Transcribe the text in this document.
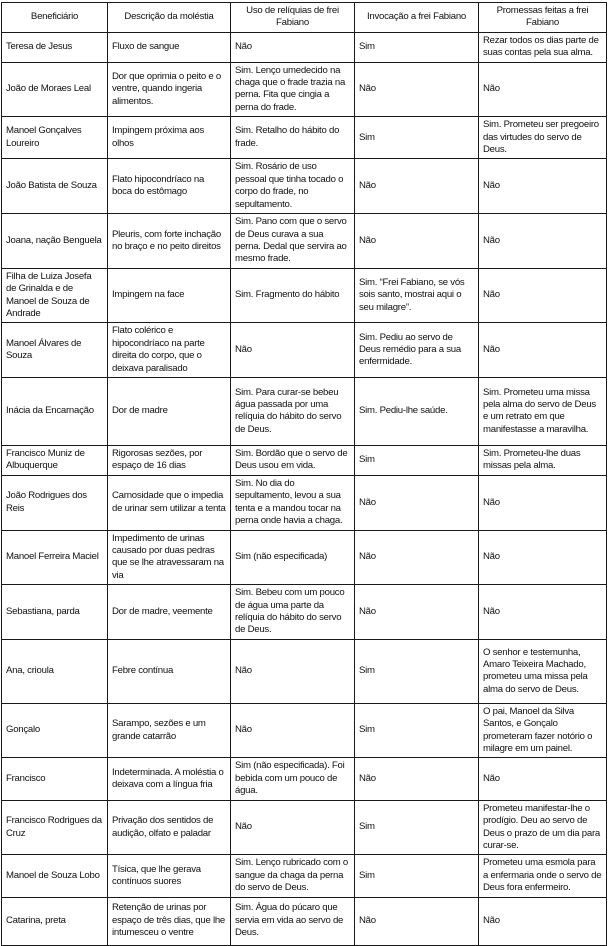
Beneficiário	Descrição da moléstia	Uso de relíquias de frei Fabiano	Invocação a frei Fabiano	Promessas feitas a frei Fabiano
Teresa de Jesus	Fluxo de sangue	Não	Sim	Rezar todos os dias parte de suas contas pela sua alma.
João de Moraes Leal	Dor que oprimia o peito e o ventre, quando ingeria alimentos.	Sim. Lenço umedecido na chaga que o frade trazia na perna. Fita que cingia a perna do frade.	Não	Não
Manoel Gonçalves Loureiro	Impingem próxima aos olhos	Sim. Retalho do hábito do frade.	Sim	Sim. Prometeu ser pregoeiro das virtudes do servo de Deus.
João Batista de Souza	Flato hipocondríaco na boca do estômago	Sim. Rosário de uso pessoal que tinha tocado o corpo do frade, no sepultamento.	Não	Não
Joana, nação Benguela	Pleuris, com forte inchação no braço e no peito direitos	Sim. Pano com que o servo de Deus curava a sua perna. Dedal que servira ao mesmo frade.	Não	Não
Filha de Luiza Josefa de Grinalda e de Manoel de Souza de Andrade	Impingem na face	Sim. Fragmento do hábito	Sim. “Frei Fabiano, se vós sois santo, mostrai aqui o seu milagre”.	Não
Manoel Álvares de Souza	Flato colérico e hipocondríaco na parte direita do corpo, que o deixava paralisado	Não	Sim. Pediu ao servo de Deus remédio para a sua enfermidade.	Não
Inácia da Encarnação	Dor de madre	Sim. Para curar-se bebeu água passada por uma relíquia do hábito do servo de Deus.	Sim. Pediu-lhe saúde.	Sim. Prometeu uma missa pela alma do servo de Deus e um retrato em que manifestasse a maravilha.
Francisco Muniz de Albuquerque	Rigorosas sezões, por espaço de 16 dias	Sim. Bordão que o servo de Deus usou em vida.	Sim	Sim. Prometeu-lhe duas missas pela alma.
João Rodrigues dos Reis	Carnosidade que o impedia de urinar sem utilizar a tenta	Sim. No dia do sepultamento, levou a sua tenta e a mandou tocar na perna onde havia a chaga.	Não	Não
Manoel Ferreira Maciel	Impedimento de urinas causado por duas pedras que se lhe atravessaram na via	Sim (não especificada)	Não	Não
Sebastiana, parda	Dor de madre, veemente	Sim. Bebeu com um pouco de água uma parte da relíquia do hábito do servo de Deus.	Não	Não
Ana, crioula	Febre contínua	Não	Sim	O senhor e testemunha, Amaro Teixeira Machado, prometeu uma missa pela alma do servo de Deus.
Gonçalo	Sarampo, sezões e um grande catarrão	Não	Sim	O pai, Manoel da Silva Santos, e Gonçalo prometeram fazer notório o milagre em um painel.
Francisco	Indeterminada. A moléstia o deixava com a língua fria	Sim (não especificada). Foi bebida com um pouco de água.	Não	Não
Francisco Rodrigues da Cruz	Privação dos sentidos de audição, olfato e paladar	Não	Sim	Prometeu manifestar-lhe o prodígio. Deu ao servo de Deus o prazo de um dia para curar-se.
Manoel de Souza Lobo	Tísica, que lhe gerava contínuos suores	Sim. Lenço rubricado com o sangue da chaga da perna do servo de Deus.	Sim	Prometeu uma esmola para a enfermaria onde o servo de Deus fora enfermeiro.
Catarina, preta	Retenção de urinas por espaço de três dias, que lhe intumesceu o ventre	Sim. Água do púcaro que servia em vida ao servo de Deus.	Não	Não
